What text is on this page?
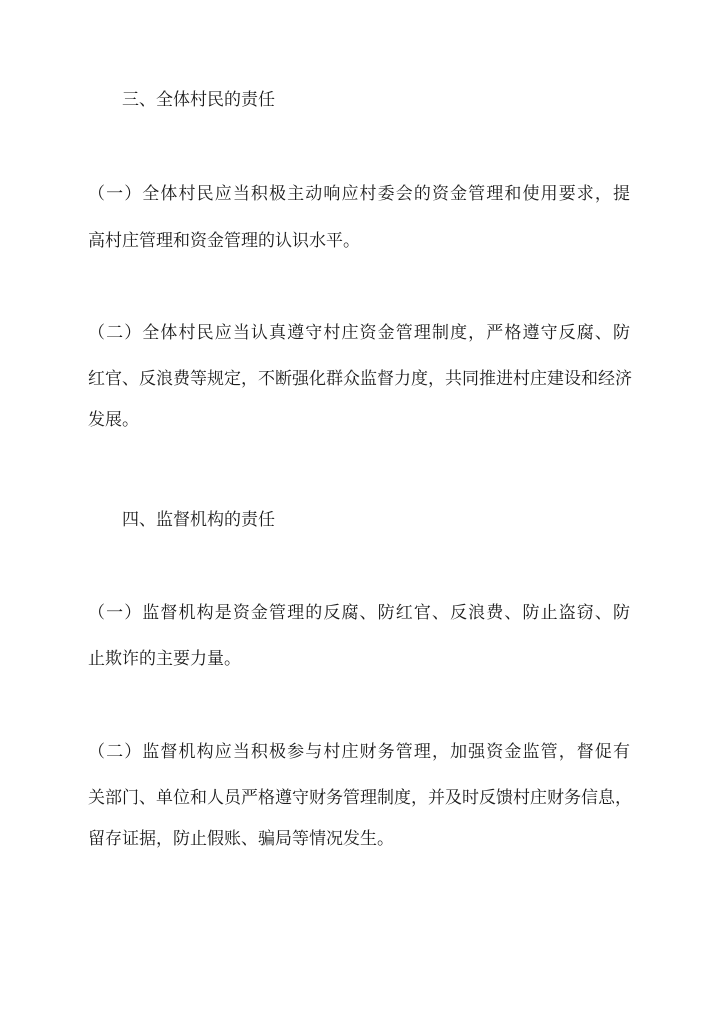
三、全体村民的责任

（一）全体村民应当积极主动响应村委会的资金管理和使用要求，提

高村庄管理和资金管理的认识水平。

（二）全体村民应当认真遵守村庄资金管理制度，严格遵守反腐、防

红官、反浪费等规定，不断强化群众监督力度，共同推进村庄建设和经济

发展。

四、监督机构的责任

（一）监督机构是资金管理的反腐、防红官、反浪费、防止盗窃、防

止欺诈的主要力量。

（二）监督机构应当积极参与村庄财务管理，加强资金监管，督促有

关部门、单位和人员严格遵守财务管理制度，并及时反馈村庄财务信息，

留存证据，防止假账、骗局等情况发生。
